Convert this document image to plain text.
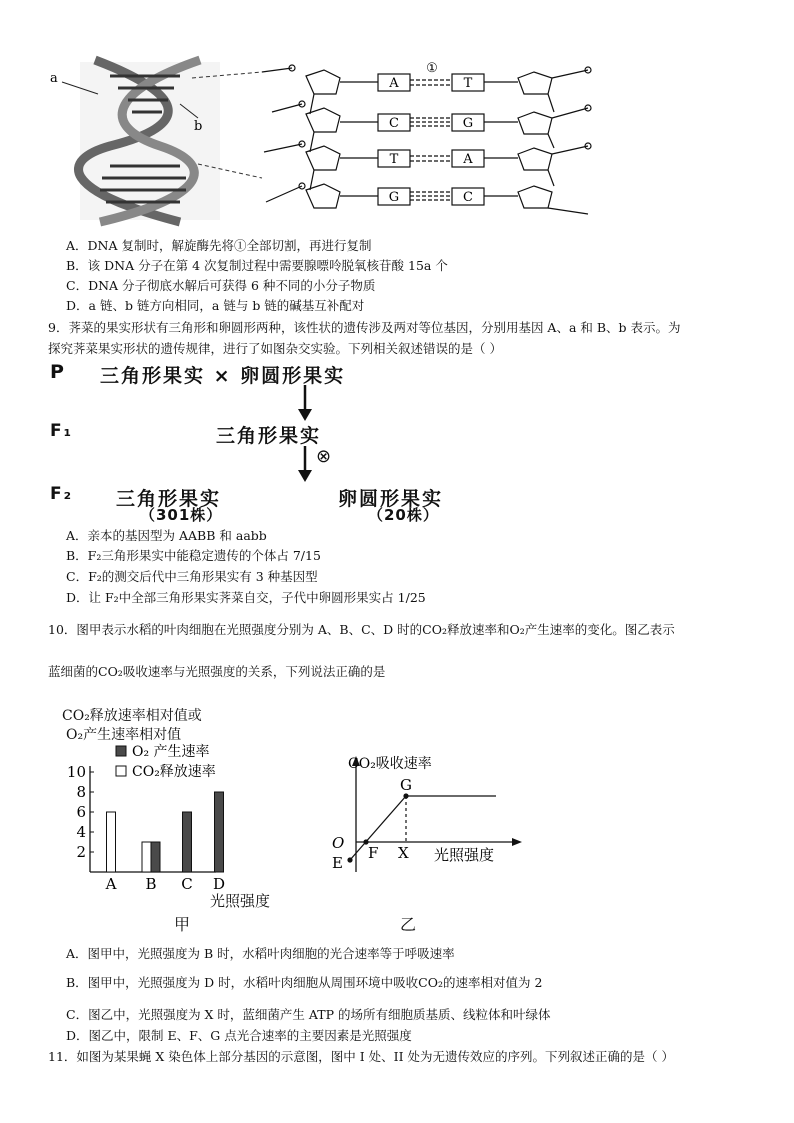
a
b
①
A	T
C	G
T	A
G	C
A．DNA 复制时，解旋酶先将①全部切割，再进行复制
B．该 DNA 分子在第 4 次复制过程中需要腺嘌呤脱氧核苷酸 15a 个
C．DNA 分子彻底水解后可获得 6 种不同的小分子物质
D．a 链、b 链方向相同，a 链与 b 链的碱基互补配对
9．荠菜的果实形状有三角形和卵圆形两种，该性状的遗传涉及两对等位基因，分别用基因 A、a 和 B、b 表示。为
探究荠菜果实形状的遗传规律，进行了如图杂交实验。下列相关叙述错误的是（ ）
P 三角形果实 × 卵圆形果实
F₁	三角形果实
⊗
F₂ 三角形果实	卵圆形果实
（301株）	（20株）
A．亲本的基因型为 AABB 和 aabb
B．F₂三角形果实中能稳定遗传的个体占 7/15
C．F₂的测交后代中三角形果实有 3 种基因型
D．让 F₂中全部三角形果实荠菜自交，子代中卵圆形果实占 1/25
10．图甲表示水稻的叶肉细胞在光照强度分别为 A、B、C、D 时的CO₂释放速率和O₂产生速率的变化。图乙表示
蓝细菌的CO₂吸收速率与光照强度的关系，下列说法正确的是
CO₂释放速率相对值或
O₂产生速率相对值
2
4
6
8
10
A B C D
O₂ 产生速率
CO₂释放速率
光照强度
甲
CO₂吸收速率
O
E
F
G
X 光照强度
乙
A．图甲中，光照强度为 B 时，水稻叶肉细胞的光合速率等于呼吸速率
B．图甲中，光照强度为 D 时，水稻叶肉细胞从周围环境中吸收CO₂的速率相对值为 2
C．图乙中，光照强度为 X 时，蓝细菌产生 ATP 的场所有细胞质基质、线粒体和叶绿体
D．图乙中，限制 E、F、G 点光合速率的主要因素是光照强度
11．如图为某果蝇 X 染色体上部分基因的示意图，图中 I 处、II 处为无遗传效应的序列。下列叙述正确的是（ ）
